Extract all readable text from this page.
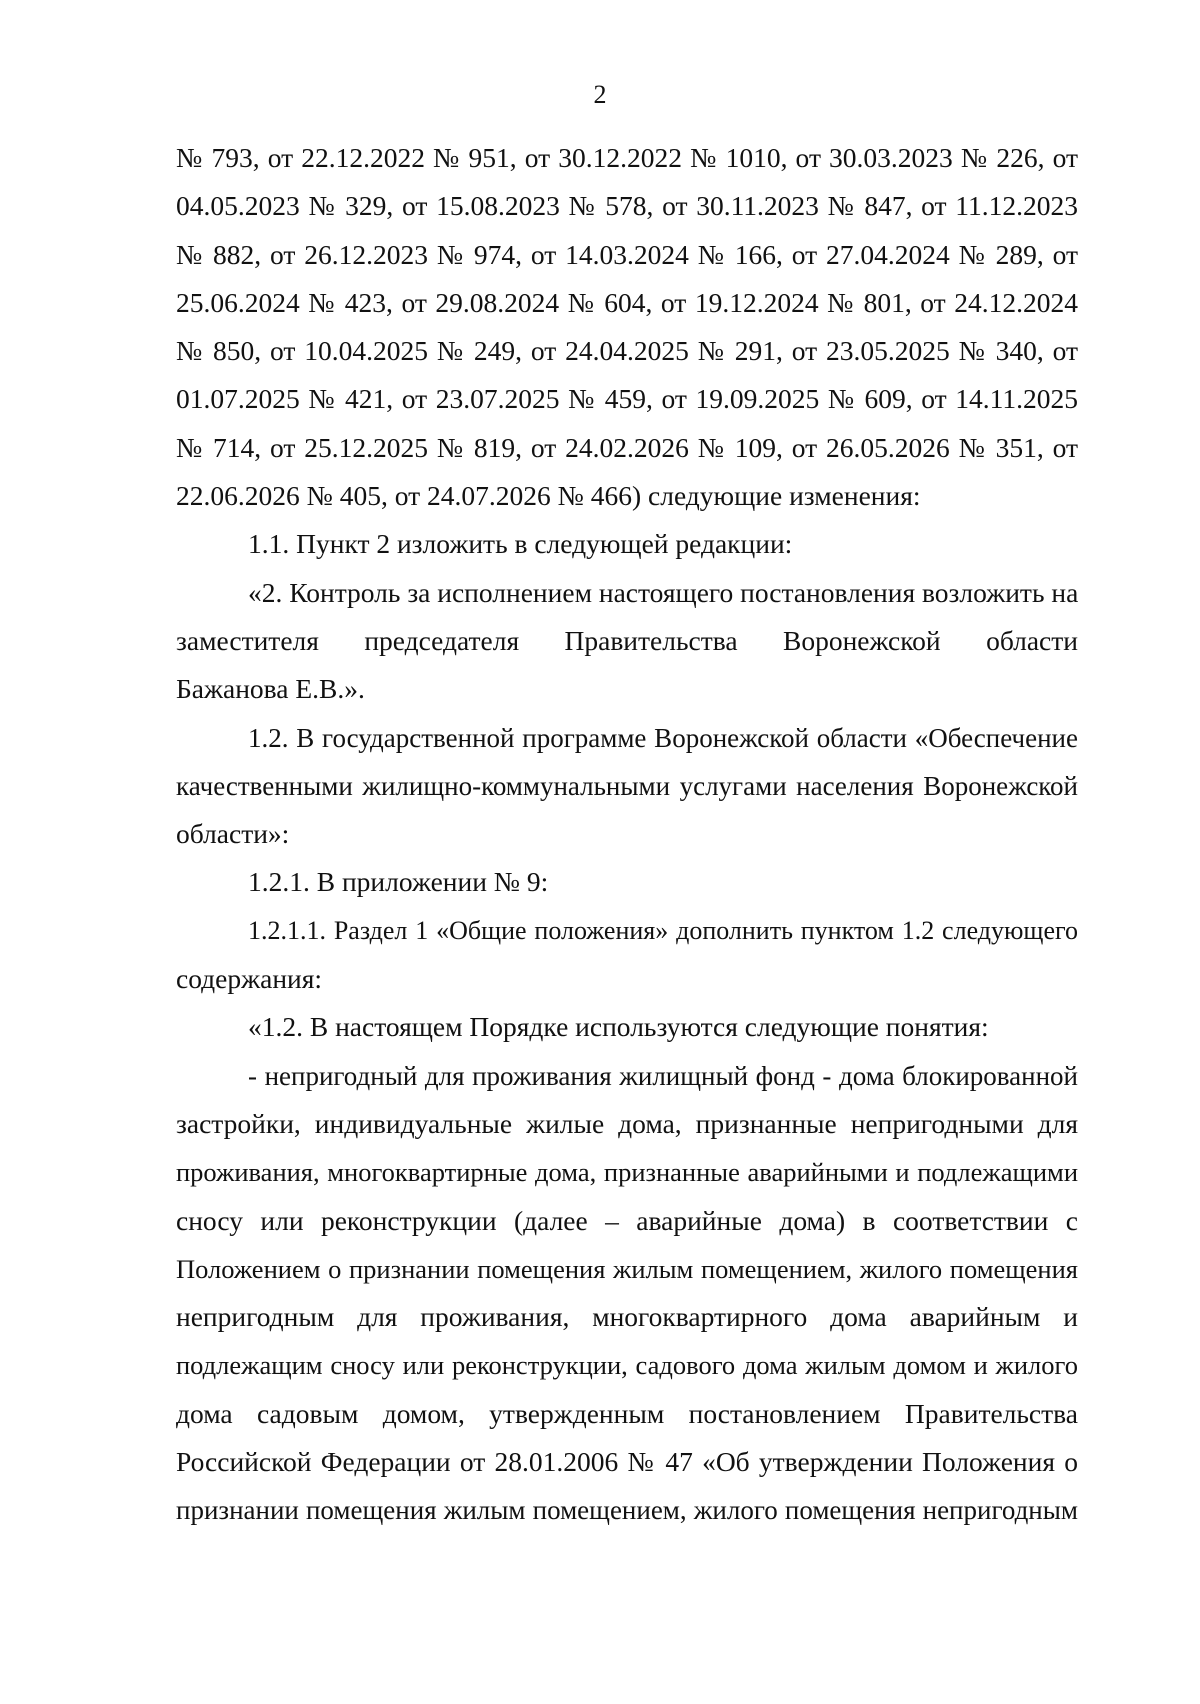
2
№ 793, от 22.12.2022 № 951, от 30.12.2022 № 1010, от 30.03.2023 № 226, от
04.05.2023 № 329, от 15.08.2023 № 578, от 30.11.2023 № 847, от 11.12.2023
№ 882, от 26.12.2023 № 974, от 14.03.2024 № 166, от 27.04.2024 № 289, от
25.06.2024 № 423, от 29.08.2024 № 604, от 19.12.2024 № 801, от 24.12.2024
№ 850, от 10.04.2025 № 249, от 24.04.2025 № 291, от 23.05.2025 № 340, от
01.07.2025 № 421, от 23.07.2025 № 459, от 19.09.2025 № 609, от 14.11.2025
№ 714, от 25.12.2025 № 819, от 24.02.2026 № 109, от 26.05.2026 № 351, от
22.06.2026 № 405, от 24.07.2026 № 466) следующие изменения:
1.1. Пункт 2 изложить в следующей редакции:
«2. Контроль за исполнением настоящего постановления возложить на
заместителя председателя Правительства Воронежской области
Бажанова Е.В.».
1.2. В государственной программе Воронежской области «Обеспечение
качественными жилищно-коммунальными услугами населения Воронежской
области»:
1.2.1. В приложении № 9:
1.2.1.1. Раздел 1 «Общие положения» дополнить пунктом 1.2 следующего
содержания:
«1.2. В настоящем Порядке используются следующие понятия:
- непригодный для проживания жилищный фонд - дома блокированной
застройки, индивидуальные жилые дома, признанные непригодными для
проживания, многоквартирные дома, признанные аварийными и подлежащими
сносу или реконструкции (далее – аварийные дома) в соответствии с
Положением о признании помещения жилым помещением, жилого помещения
непригодным для проживания, многоквартирного дома аварийным и
подлежащим сносу или реконструкции, садового дома жилым домом и жилого
дома садовым домом, утвержденным постановлением Правительства
Российской Федерации от 28.01.2006 № 47 «Об утверждении Положения о
признании помещения жилым помещением, жилого помещения непригодным
